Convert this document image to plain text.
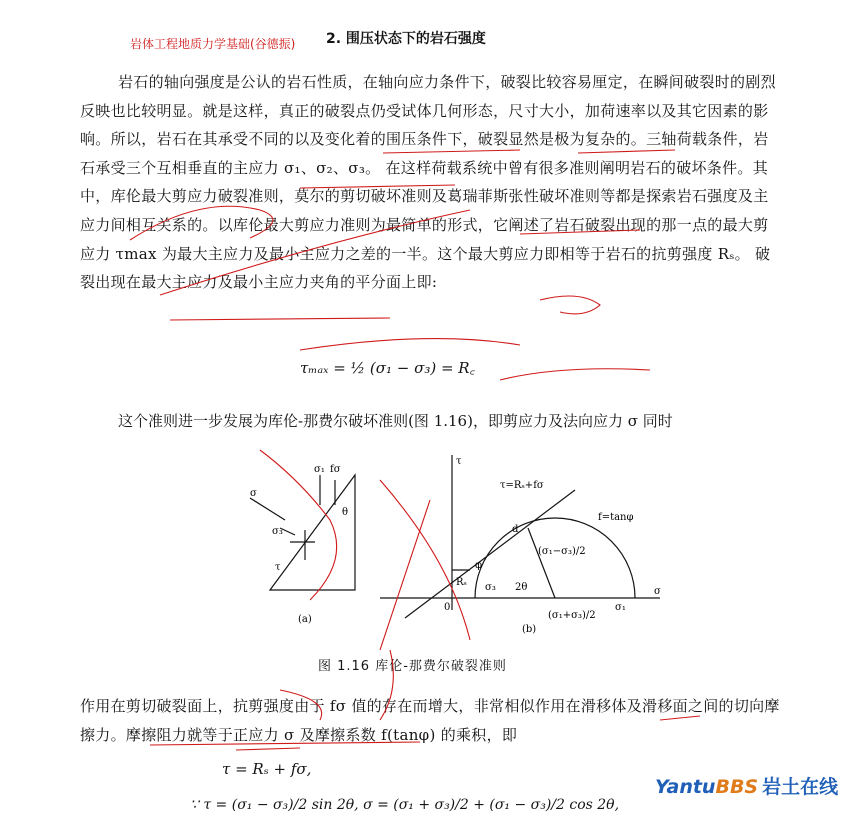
岩体工程地质力学基础(谷德振) 2. 围压状态下的岩石强度
岩石的轴向强度是公认的岩石性质，在轴向应力条件下，破裂比较容易厘定，在瞬间破裂时的剧烈反映也比较明显。就是这样，真正的破裂点仍受试体几何形态，尺寸大小，加荷速率以及其它因素的影响。所以，岩石在其承受不同的以及变化着的围压条件下，破裂显然是极为复杂的。三轴荷载条件，岩石承受三个互相垂直的主应力 σ₁、σ₂、σ₃。 在这样荷载系统中曾有很多准则阐明岩石的破坏条件。其中，库伦最大剪应力破裂准则，莫尔的剪切破坏准则及葛瑞菲斯张性破坏准则等都是探索岩石强度及主应力间相互关系的。以库伦最大剪应力准则为最简单的形式，它阐述了岩石破裂出现的那一点的最大剪应力 τmax 为最大主应力及最小主应力之差的一半。这个最大剪应力即相等于岩石的抗剪强度 Rₛ。 破裂出现在最大主应力及最小主应力夹角的平分面上即:
τₘₐₓ = ½ (σ₁ − σ₃) = R꜀
这个准则进一步发展为库伦-那费尔破坏准则(图 1.16)，即剪应力及法向应力 σ 同时
σ
σ₁ fσ
σ₃
θ
τ
(a)
τ
σ
τ=Rₛ+fσ
f=tanφ
(σ₁−σ₃)/2
(σ₁+σ₃)/2
σ₃
σ₁
2θ
φ
Rₛ
0
d
(b)
图 1.16 库伦-那费尔破裂准则
作用在剪切破裂面上，抗剪强度由于 fσ 值的存在而增大，非常相似作用在滑移体及滑移面之间的切向摩擦力。摩擦阻力就等于正应力 σ 及摩擦系数 f(tanφ) 的乘积，即
τ = Rₛ + fσ,
∵ τ = (σ₁ − σ₃)/2 sin 2θ, σ = (σ₁ + σ₃)/2 + (σ₁ − σ₃)/2 cos 2θ,
YantuBBS 岩土在线
